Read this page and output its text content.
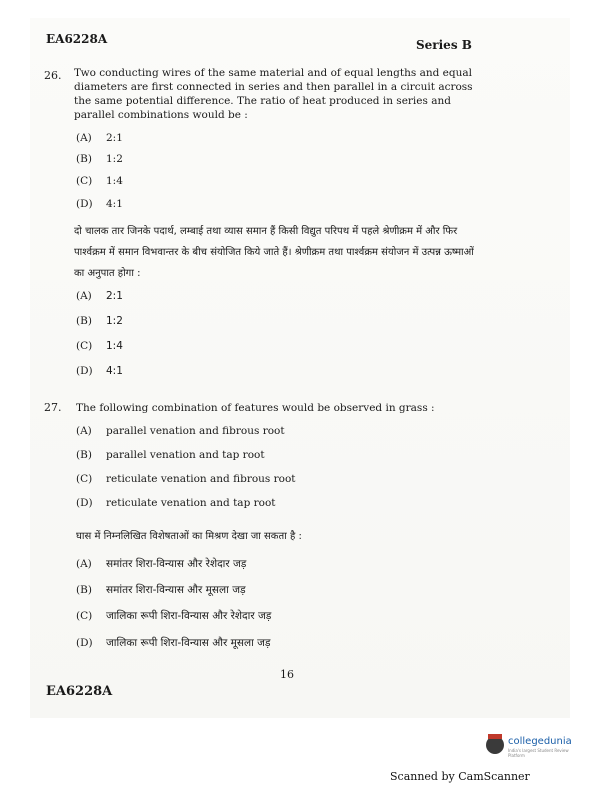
EA6228A	Series B
26. Two conducting wires of the same material and of equal lengths and equal diameters are first connected in series and then parallel in a circuit across the same potential difference. The ratio of heat produced in series and parallel combinations would be :
(A) 2:1
(B) 1:2
(C) 1:4
(D) 4:1
दो चालक तार जिनके पदार्थ, लम्बाई तथा व्यास समान हैं किसी विद्युत परिपथ में पहले श्रेणीक्रम में और फिर पार्श्वक्रम में समान विभवान्तर के बीच संयोजित किये जाते हैं। श्रेणीक्रम तथा पार्श्वक्रम संयोजन में उत्पन्न ऊष्माओं का अनुपात होगा :
(A) 2:1
(B) 1:2
(C) 1:4
(D) 4:1
27. The following combination of features would be observed in grass :
(A) parallel venation and fibrous root
(B) parallel venation and tap root
(C) reticulate venation and fibrous root
(D) reticulate venation and tap root
घास में निम्नलिखित विशेषताओं का मिश्रण देखा जा सकता है :
(A) समांतर शिरा-विन्यास और रेशेदार जड़
(B) समांतर शिरा-विन्यास और मूसला जड़
(C) जालिका रूपी शिरा-विन्यास और रेशेदार जड़
(D) जालिका रूपी शिरा-विन्यास और मूसला जड़
16
EA6228A
collegedunia
India's largest Student Review Platform
Scanned by CamScanner
